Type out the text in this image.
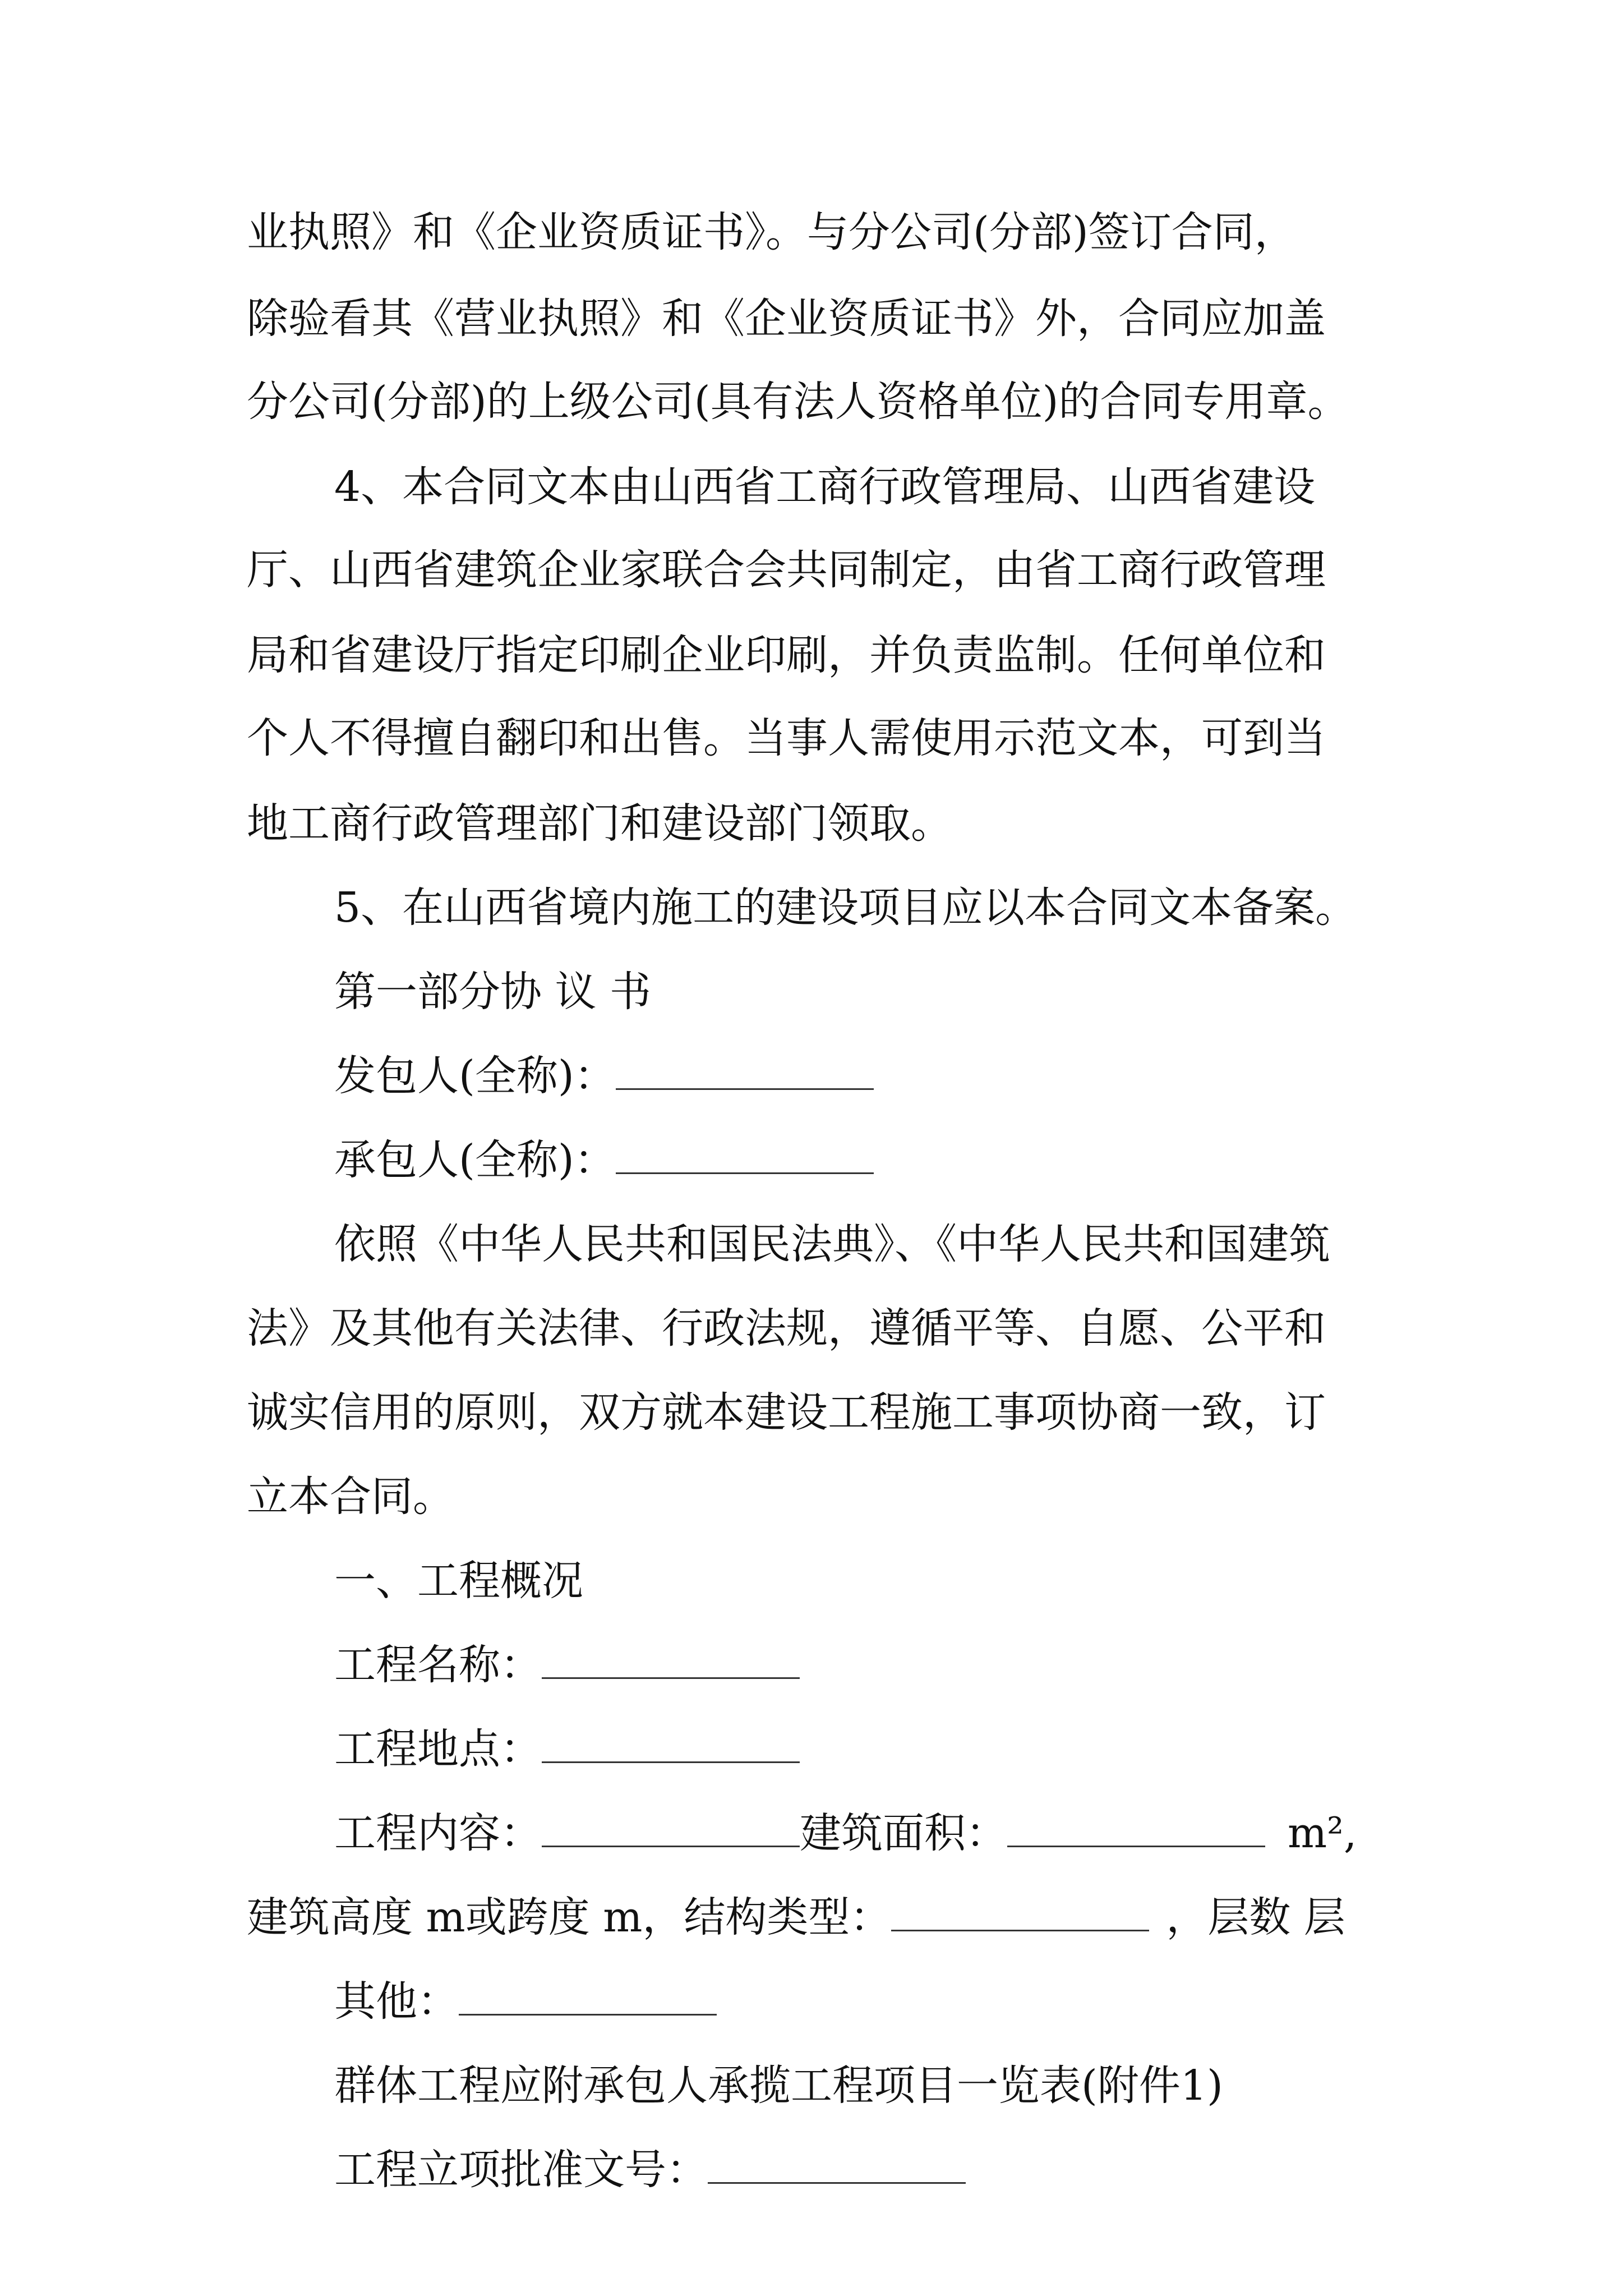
业执照》和《企业资质证书》。与分公司(分部)签订合同，
除验看其《营业执照》和《企业资质证书》外，合同应加盖
分公司(分部)的上级公司(具有法人资格单位)的合同专用章。
4、本合同文本由山西省工商行政管理局、山西省建设
厅、山西省建筑企业家联合会共同制定，由省工商行政管理
局和省建设厅指定印刷企业印刷，并负责监制。任何单位和
个人不得擅自翻印和出售。当事人需使用示范文本，可到当
地工商行政管理部门和建设部门领取。
5、在山西省境内施工的建设项目应以本合同文本备案。
第一部分协 议 书
发包人(全称)：
承包人(全称)：
依照《中华人民共和国民法典》、《中华人民共和国建筑
法》及其他有关法律、行政法规，遵循平等、自愿、公平和
诚实信用的原则，双方就本建设工程施工事项协商一致，订
立本合同。
一、工程概况
工程名称：
工程地点：
工程内容：	建筑面积：	m²,
建筑高度 m或跨度 m，结构类型：	，层数 层
其他：
群体工程应附承包人承揽工程项目一览表(附件1)
工程立项批准文号：
